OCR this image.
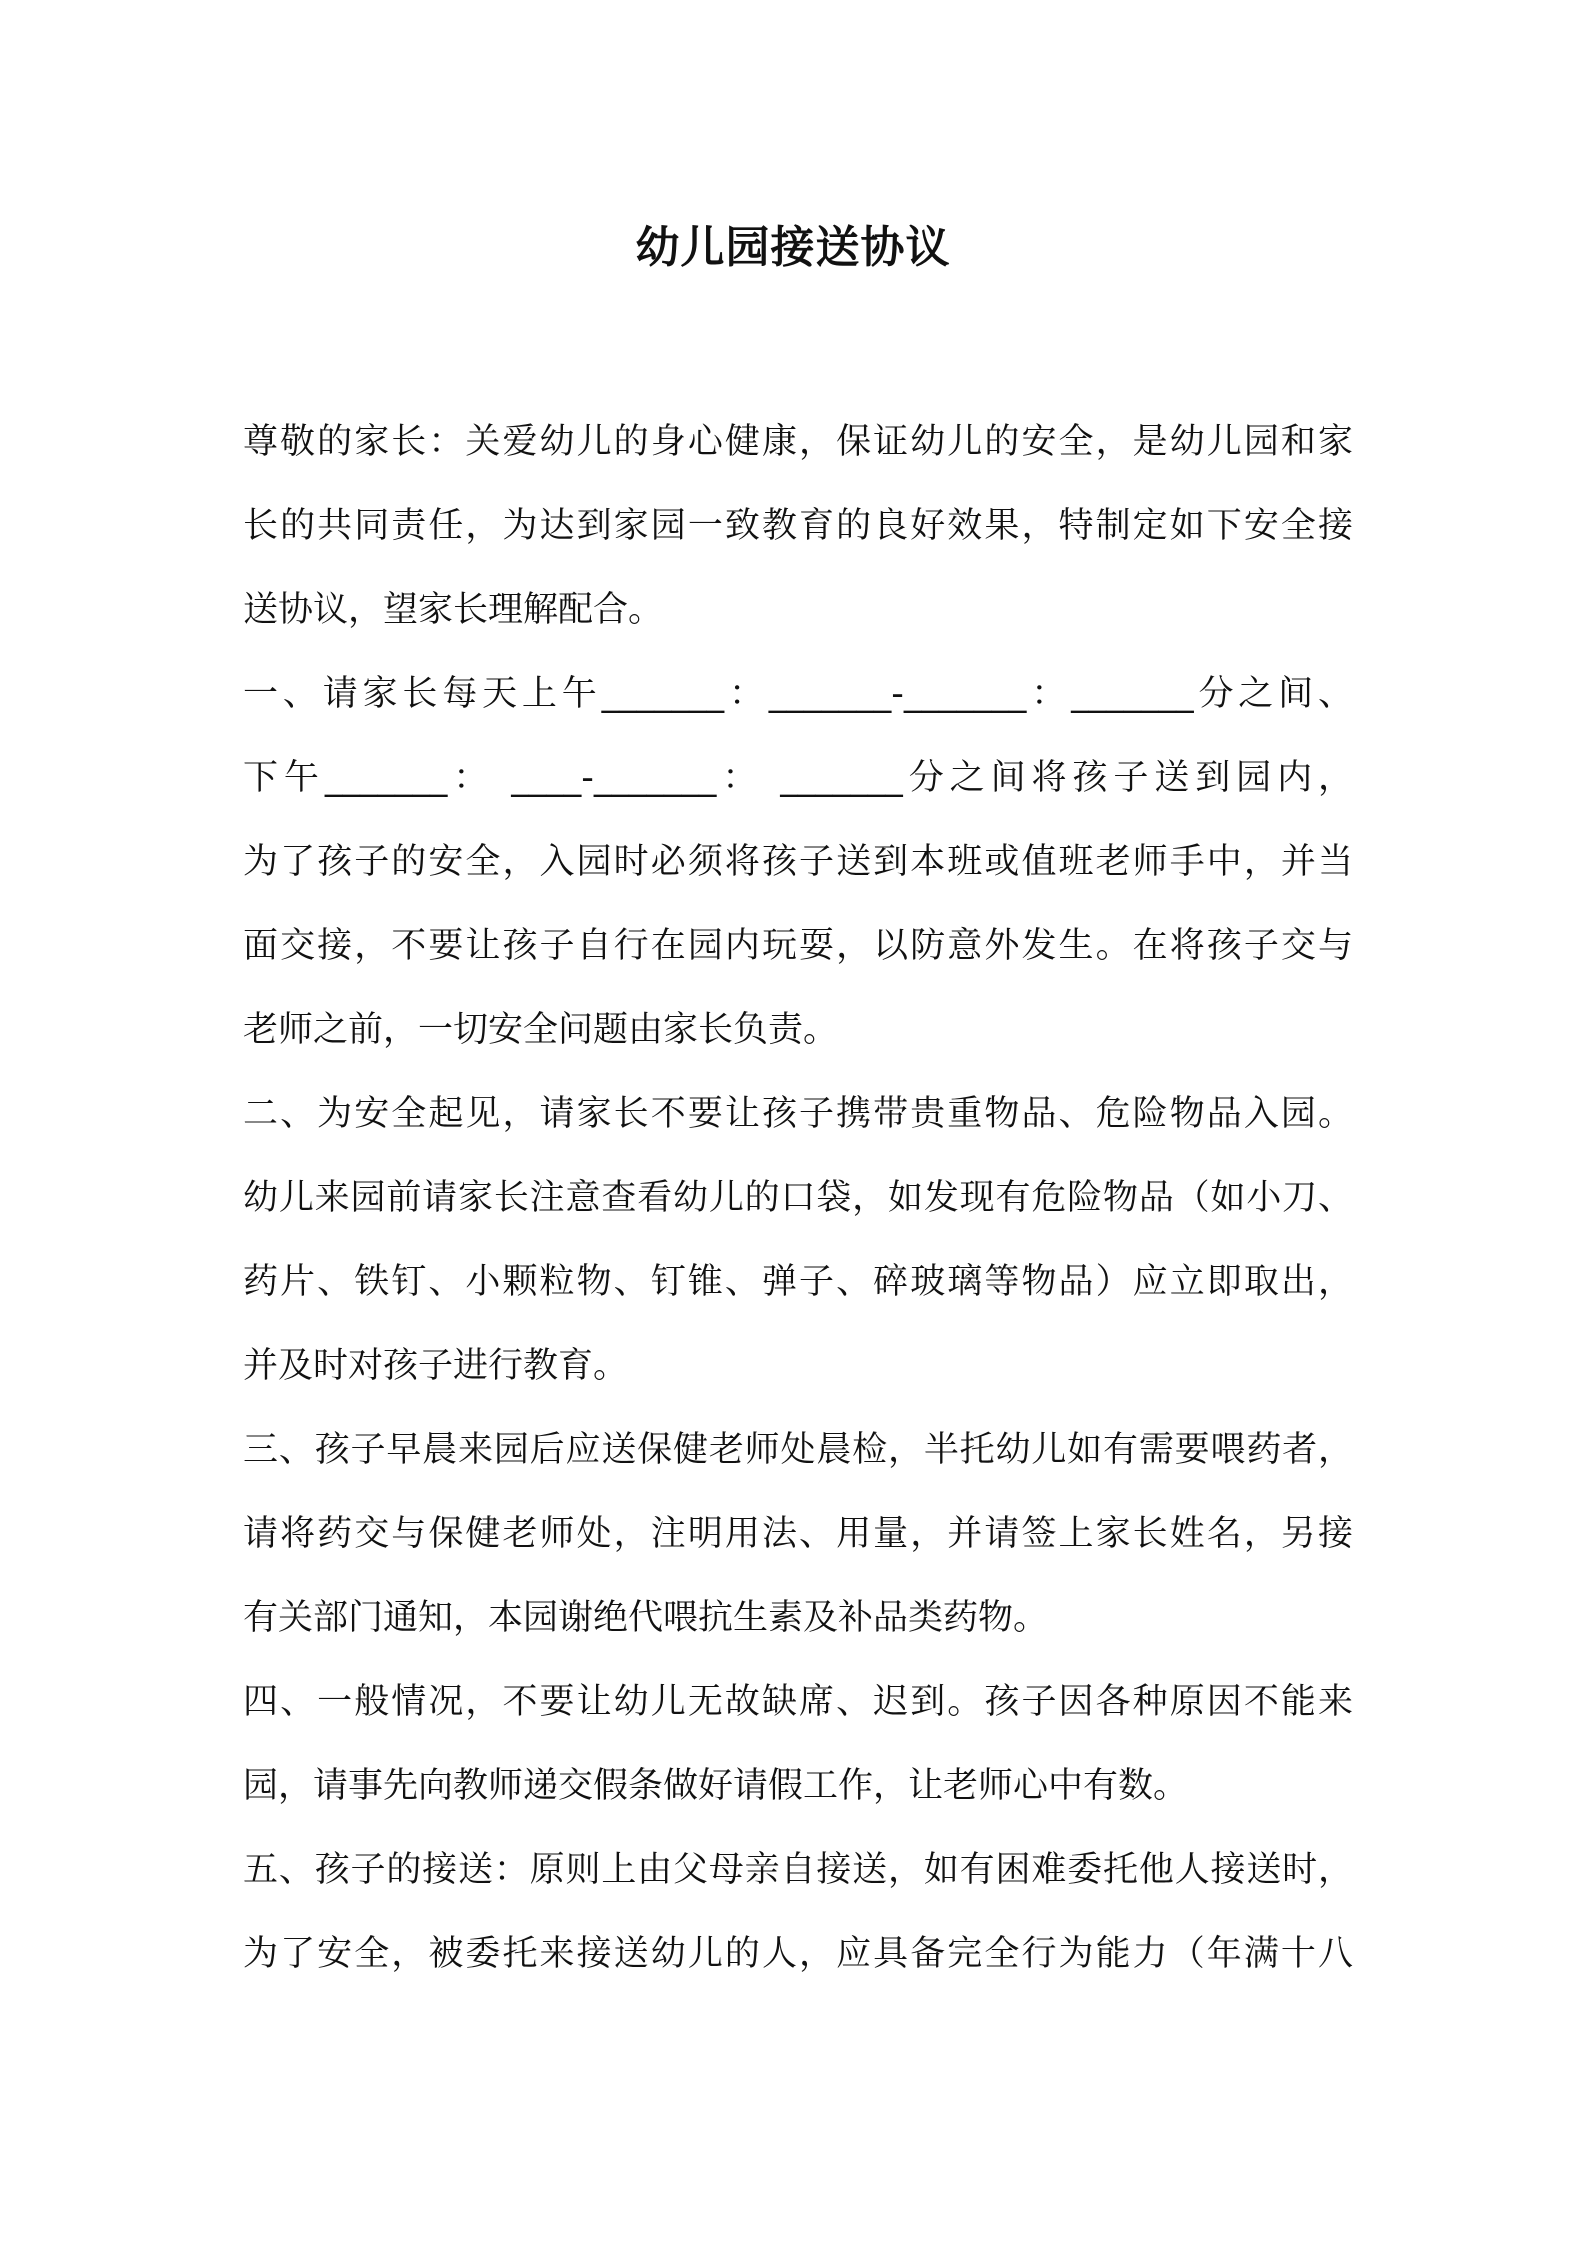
幼儿园接送协议
尊敬的家长：关爱幼儿的身心健康，保证幼儿的安全，是幼儿园和家
长的共同责任，为达到家园一致教育的良好效果，特制定如下安全接
送协议，望家长理解配合。
一、请家长每天上午_______：_______-_______：_______分之间、
下午_______： ____-_______： _______分之间将孩子送到园内，
为了孩子的安全，入园时必须将孩子送到本班或值班老师手中，并当
面交接，不要让孩子自行在园内玩耍，以防意外发生。在将孩子交与
老师之前，一切安全问题由家长负责。
二、为安全起见，请家长不要让孩子携带贵重物品、危险物品入园。
幼儿来园前请家长注意查看幼儿的口袋，如发现有危险物品（如小刀、
药片、铁钉、小颗粒物、钉锥、弹子、碎玻璃等物品）应立即取出，
并及时对孩子进行教育。
三、孩子早晨来园后应送保健老师处晨检，半托幼儿如有需要喂药者，
请将药交与保健老师处，注明用法、用量，并请签上家长姓名，另接
有关部门通知，本园谢绝代喂抗生素及补品类药物。
四、一般情况，不要让幼儿无故缺席、迟到。孩子因各种原因不能来
园，请事先向教师递交假条做好请假工作，让老师心中有数。
五、孩子的接送：原则上由父母亲自接送，如有困难委托他人接送时，
为了安全，被委托来接送幼儿的人，应具备完全行为能力（年满十八
